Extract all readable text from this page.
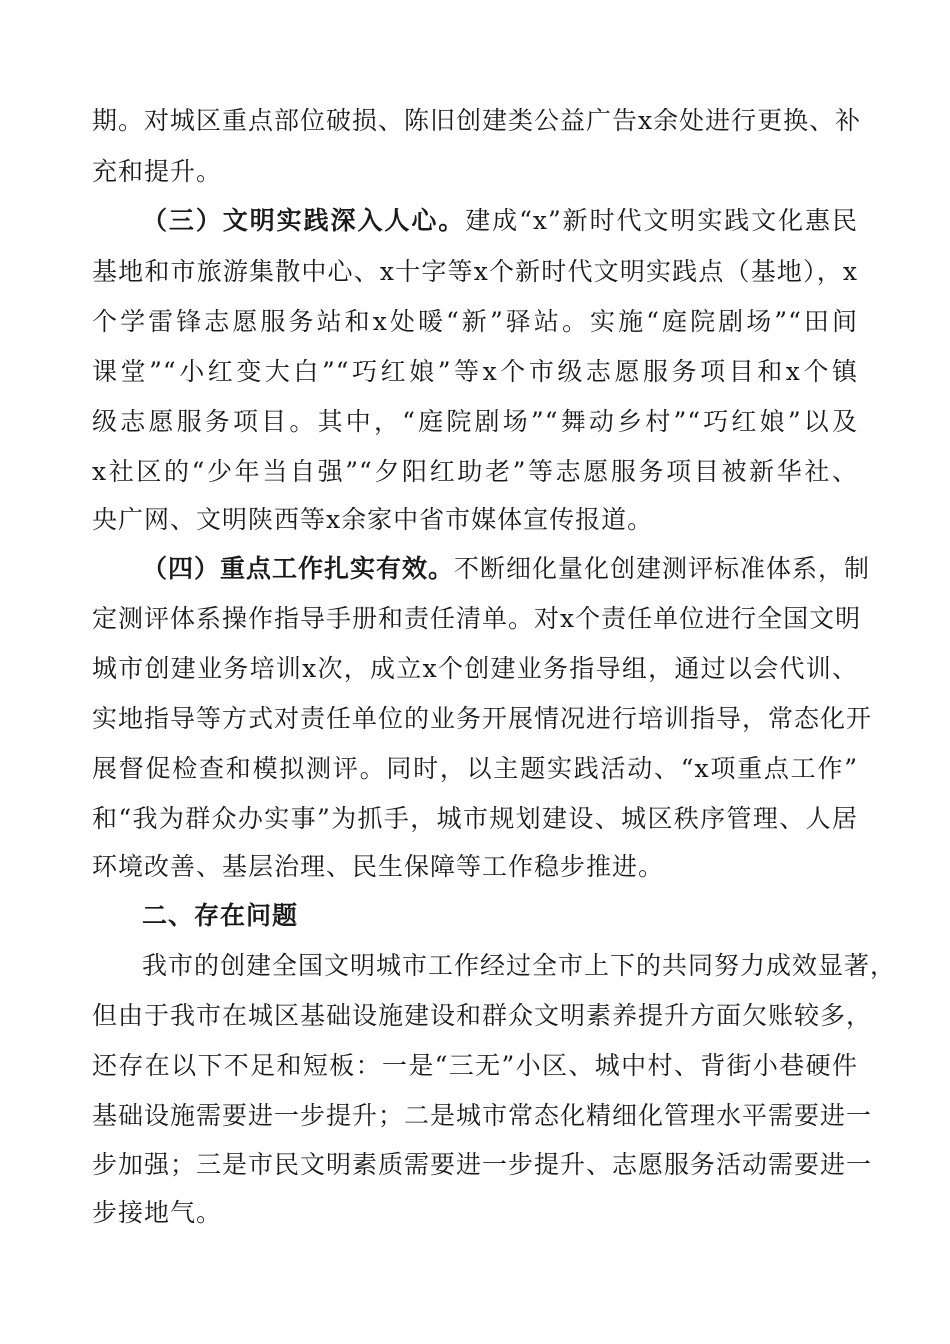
期。对城区重点部位破损、陈旧创建类公益广告x余处进行更换、补
充和提升。
（三）文明实践深入人心。建成“x”新时代文明实践文化惠民
基地和市旅游集散中心、x十字等x个新时代文明实践点（基地），x
个学雷锋志愿服务站和x处暖“新”驿站。实施“庭院剧场”“田间
课堂”“小红变大白”“巧红娘”等x个市级志愿服务项目和x个镇
级志愿服务项目。其中，“庭院剧场”“舞动乡村”“巧红娘”以及
x社区的“少年当自强”“夕阳红助老”等志愿服务项目被新华社、
央广网、文明陕西等x余家中省市媒体宣传报道。
（四）重点工作扎实有效。不断细化量化创建测评标准体系，制
定测评体系操作指导手册和责任清单。对x个责任单位进行全国文明
城市创建业务培训x次，成立x个创建业务指导组，通过以会代训、
实地指导等方式对责任单位的业务开展情况进行培训指导，常态化开
展督促检查和模拟测评。同时，以主题实践活动、“x项重点工作”
和“我为群众办实事”为抓手，城市规划建设、城区秩序管理、人居
环境改善、基层治理、民生保障等工作稳步推进。
二、存在问题
我市的创建全国文明城市工作经过全市上下的共同努力成效显著，
但由于我市在城区基础设施建设和群众文明素养提升方面欠账较多，
还存在以下不足和短板：一是“三无”小区、城中村、背街小巷硬件
基础设施需要进一步提升；二是城市常态化精细化管理水平需要进一
步加强；三是市民文明素质需要进一步提升、志愿服务活动需要进一
步接地气。
